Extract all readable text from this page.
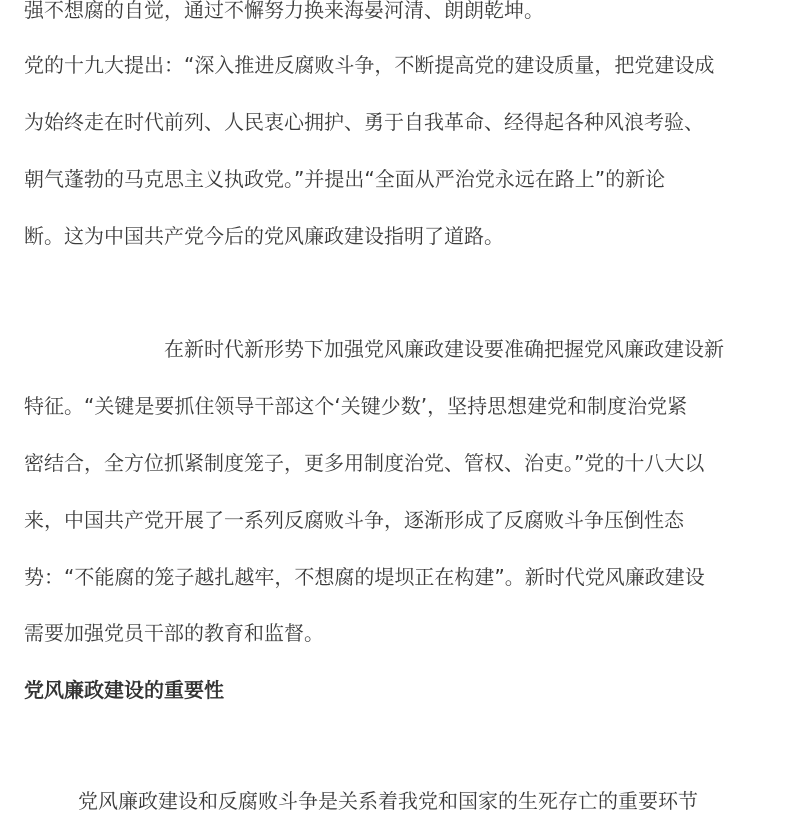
强不想腐的自觉，通过不懈努力换来海晏河清、朗朗乾坤。
党的十九大提出：“深入推进反腐败斗争，不断提高党的建设质量，把党建设成
为始终走在时代前列、人民衷心拥护、勇于自我革命、经得起各种风浪考验、
朝气蓬勃的马克思主义执政党。”并提出“全面从严治党永远在路上”的新论
断。这为中国共产党今后的党风廉政建设指明了道路。
在新时代新形势下加强党风廉政建设要准确把握党风廉政建设新
特征。“关键是要抓住领导干部这个‘关键少数’，坚持思想建党和制度治党紧
密结合，全方位抓紧制度笼子，更多用制度治党、管权、治吏。”党的十八大以
来，中国共产党开展了一系列反腐败斗争，逐渐形成了反腐败斗争压倒性态
势：“不能腐的笼子越扎越牢，不想腐的堤坝正在构建”。新时代党风廉政建设
需要加强党员干部的教育和监督。
党风廉政建设的重要性
党风廉政建设和反腐败斗争是关系着我党和国家的生死存亡的重要环节
